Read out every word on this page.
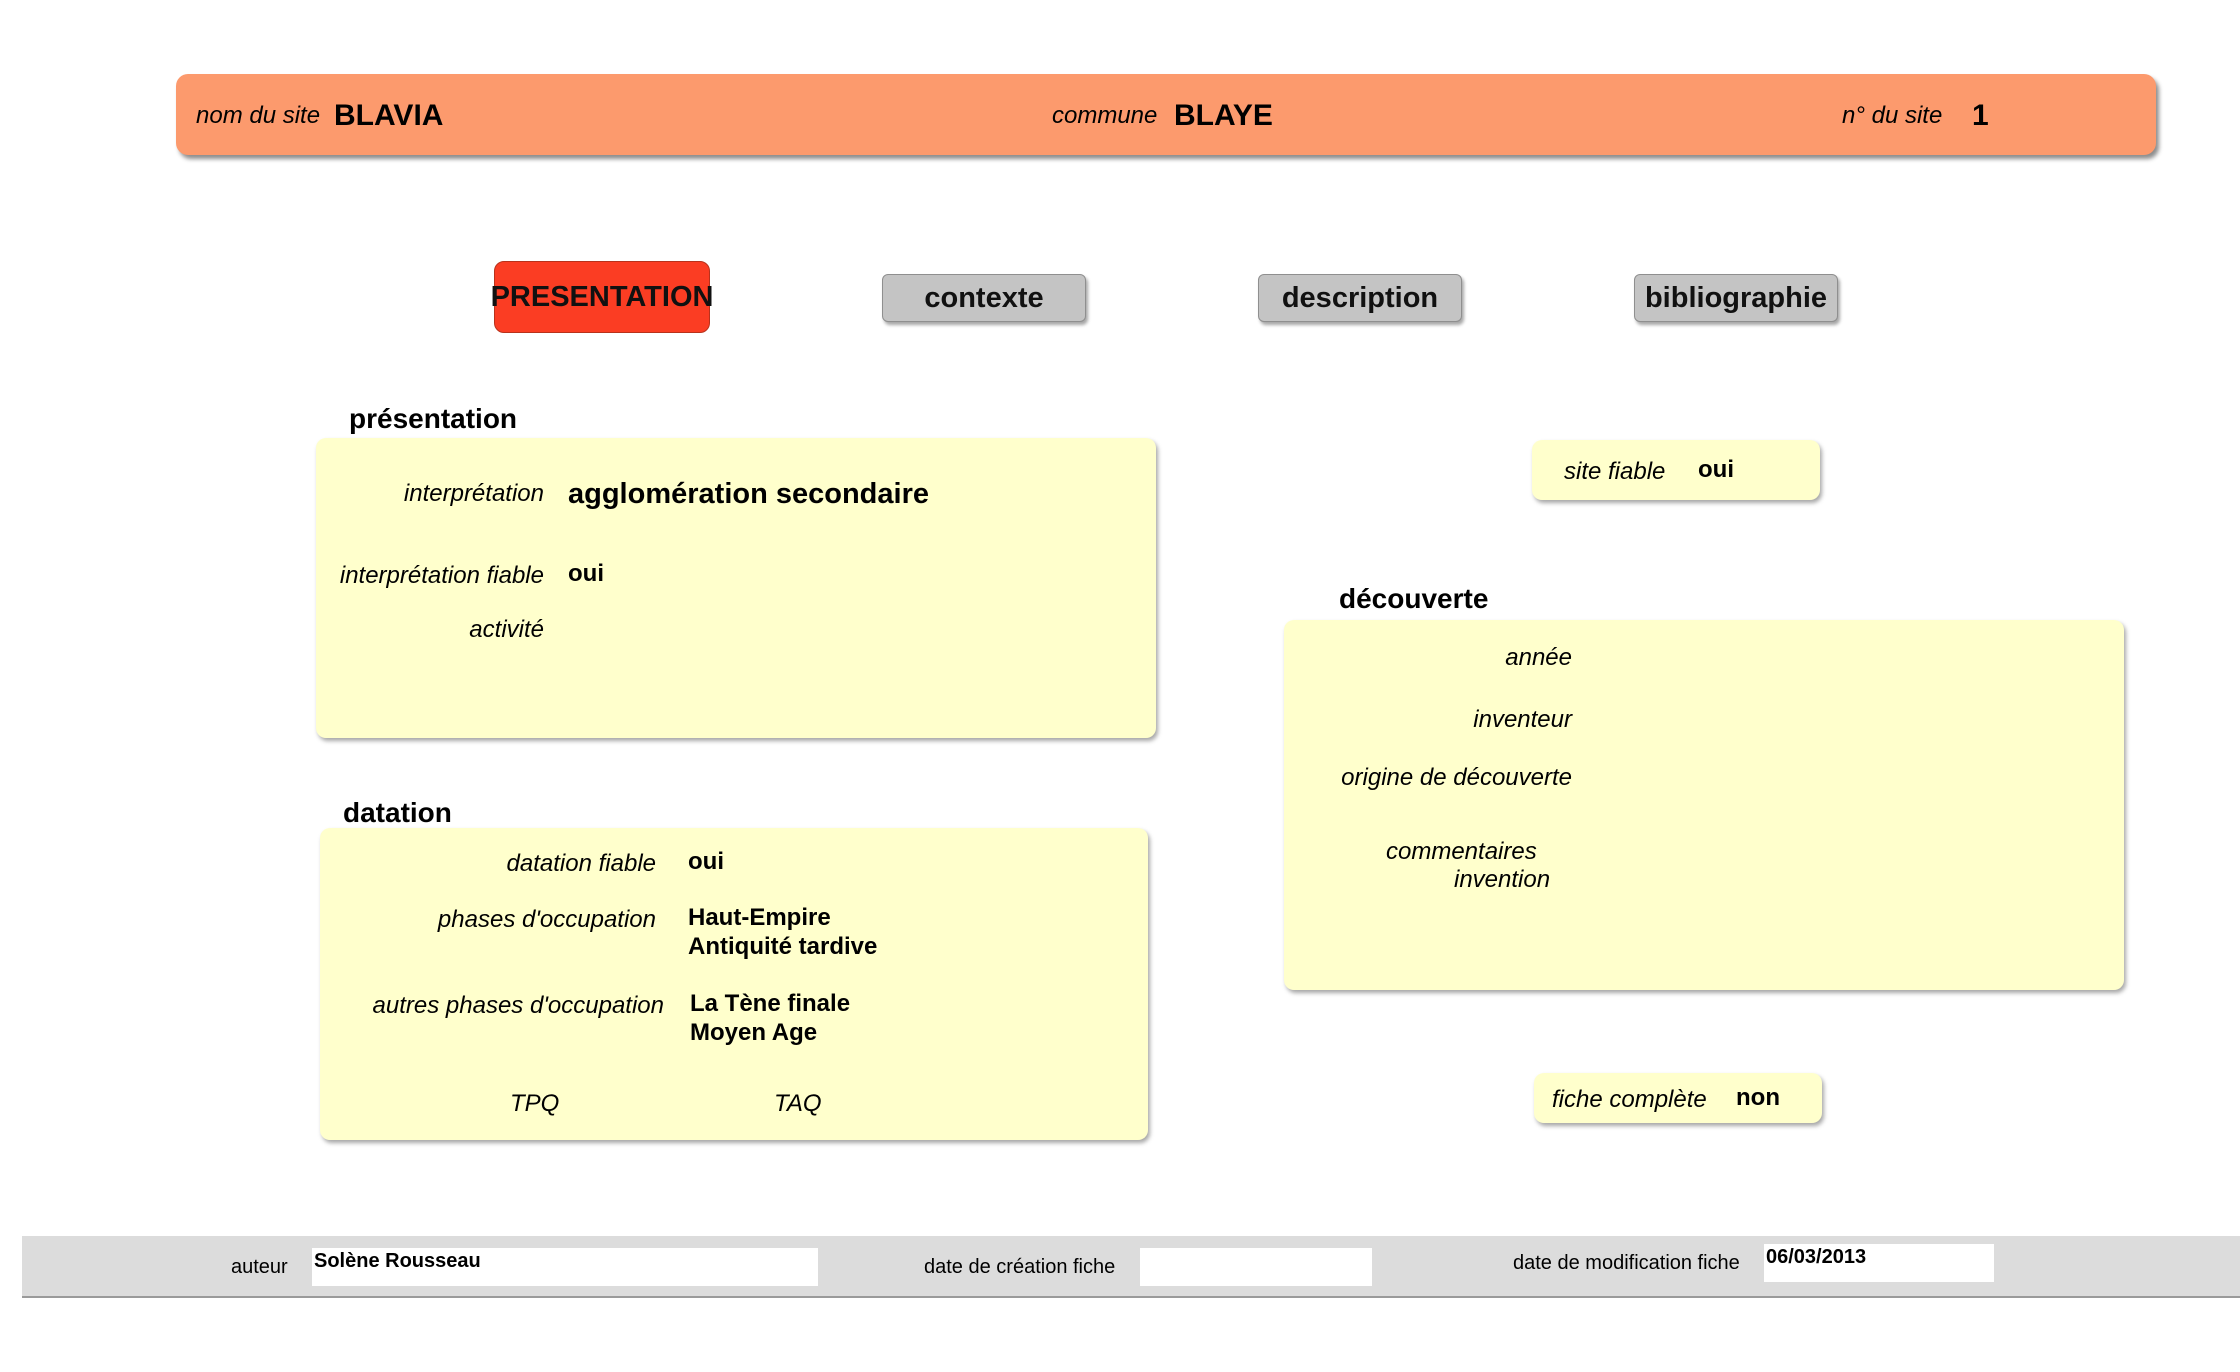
nom du site BLAVIA	commune BLAYE	n° du site 1
PRESENTATION	contexte	description	bibliographie
présentation
interprétation agglomération secondaire
interprétation fiable oui
activité
datation
datation fiable oui
phases d'occupation Haut-Empire
Antiquité tardive
autres phases d'occupation La Tène finale
Moyen Age
TPQ	TAQ
site fiable oui
découverte
année
inventeur
origine de découverte
commentaires
invention
fiche complète non
auteur Solène Rousseau	date de création fiche	date de modification fiche 06/03/2013
